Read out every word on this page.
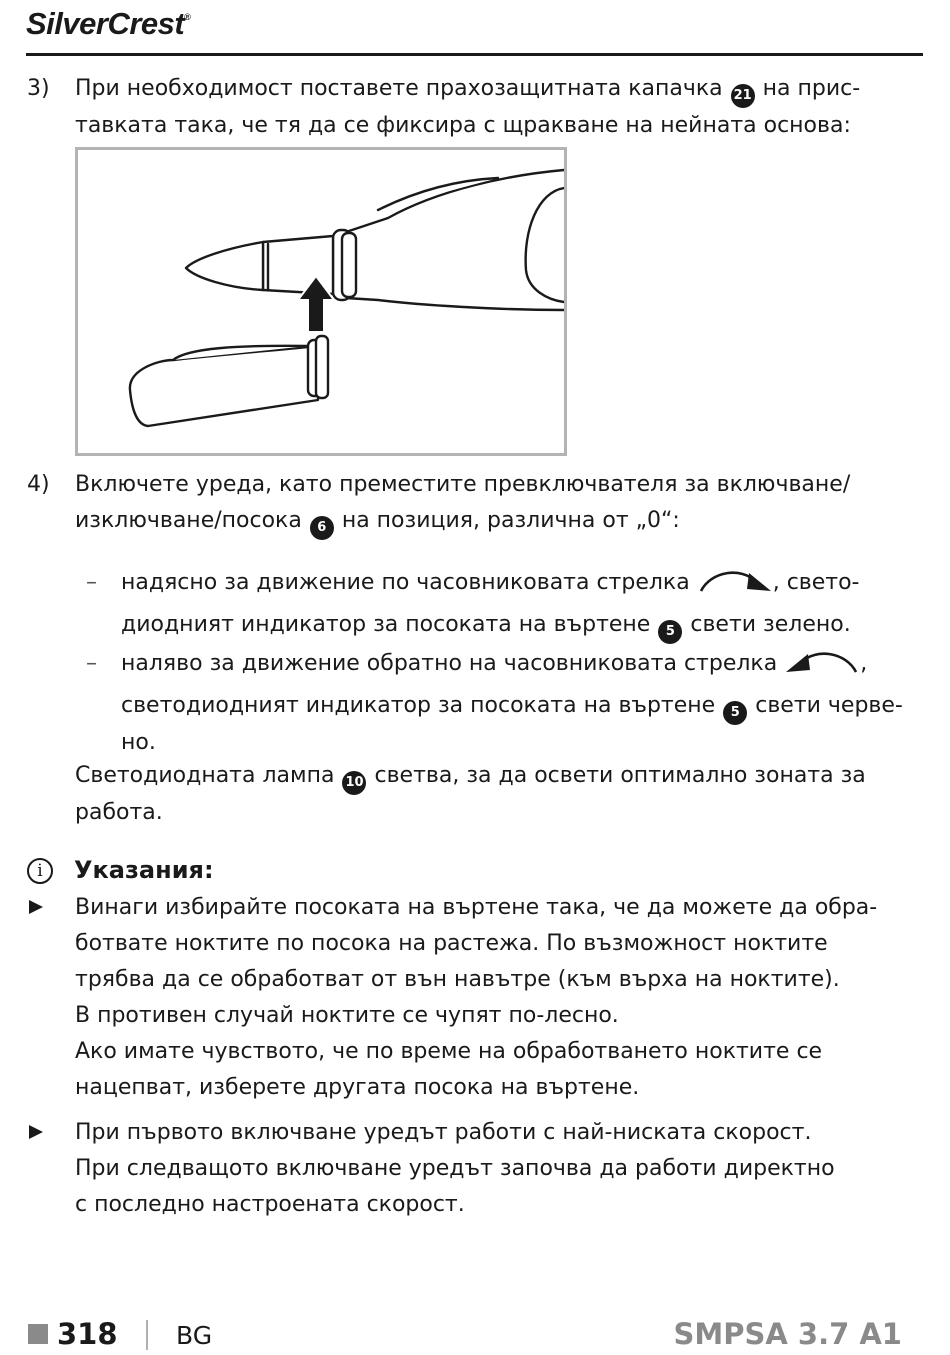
SilverCrest®
3) При необходимост поставете прахозащитната капачка 21 на прис-
тавката така, че тя да се фиксира с щракване на нейната основа:
4) Включете уреда, като преместите превключвателя за включване/
изключване/посока 6 на позиция, различна от „0“:
– надясно за движение по часовниковата стрелка	, свето-
диодният индикатор за посоката на въртене 5 свети зелено.
– наляво за движение обратно на часовниковата стрелка	,
светодиодният индикатор за посоката на въртене 5 свети черве-
но.
Светодиодната лампа 10 светва, за да освети оптимално зоната за
работа.
i	Указания:
Винаги избирайте посоката на въртене така, че да можете да обра-
ботвате ноктите по посока на растежа. По възможност ноктите
трябва да се обработват от вън навътре (към върха на ноктите).
В противен случай ноктите се чупят по-лесно.
Ако имате чувството, че по време на обработването ноктите се
нацепват, изберете другата посока на въртене.
При първото включване уредът работи с най-ниската скорост.
При следващото включване уредът започва да работи директно
с последно настроената скорост.
318 BG	SMPSA 3.7 A1
